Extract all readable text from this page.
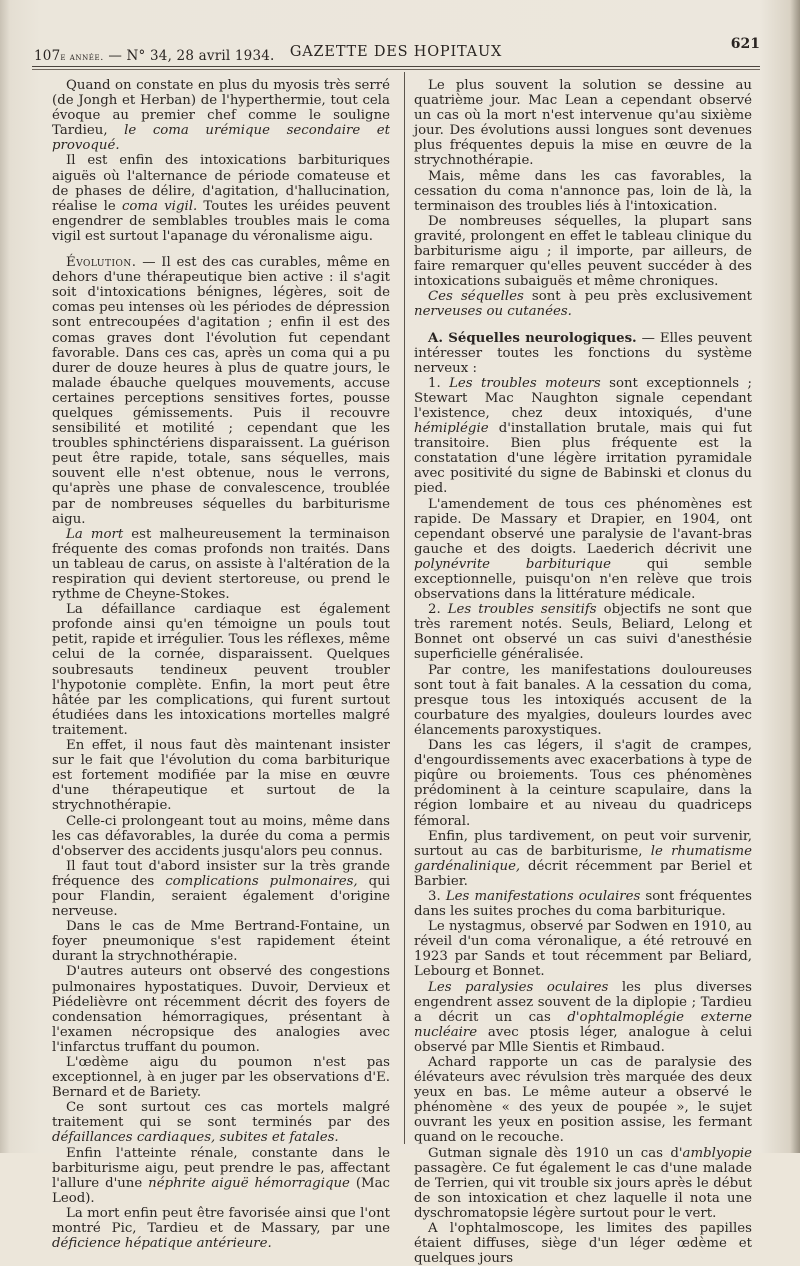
107e année. — N° 34, 28 avril 1934.	GAZETTE DES HOPITAUX	621

Quand on constate en plus du myosis très serré (de Jongh et Herban) de l'hyperthermie, tout cela évoque au premier chef comme le souligne Tardieu, le coma urémique secondaire et provoqué.

Il est enfin des intoxications barbituriques aiguës où l'alternance de période comateuse et de phases de délire, d'agitation, d'hallucination, réalise le coma vigil. Toutes les uréides peuvent engendrer de semblables troubles mais le coma vigil est surtout l'apanage du véronalisme aigu.

Évolution. — Il est des cas curables, même en dehors d'une thérapeutique bien active : il s'agit soit d'intoxications bénignes, légères, soit de comas peu intenses où les périodes de dépression sont entrecoupées d'agitation ; enfin il est des comas graves dont l'évolution fut cependant favorable. Dans ces cas, après un coma qui a pu durer de douze heures à plus de quatre jours, le malade ébauche quelques mouvements, accuse certaines perceptions sensitives fortes, pousse quelques gémissements. Puis il recouvre sensibilité et motilité ; cependant que les troubles sphinctériens disparaissent. La guérison peut être rapide, totale, sans séquelles, mais souvent elle n'est obtenue, nous le verrons, qu'après une phase de convalescence, troublée par de nombreuses séquelles du barbiturisme aigu.

La mort est malheureusement la terminaison fréquente des comas profonds non traités. Dans un tableau de carus, on assiste à l'altération de la respiration qui devient stertoreuse, ou prend le rythme de Cheyne-Stokes.

La défaillance cardiaque est également profonde ainsi qu'en témoigne un pouls tout petit, rapide et irrégulier. Tous les réflexes, même celui de la cornée, disparaissent. Quelques soubresauts tendineux peuvent troubler l'hypotonie complète. Enfin, la mort peut être hâtée par les complications, qui furent surtout étudiées dans les intoxications mortelles malgré traitement.

En effet, il nous faut dès maintenant insister sur le fait que l'évolution du coma barbiturique est fortement modifiée par la mise en œuvre d'une thérapeutique et surtout de la strychnothérapie.

Celle-ci prolongeant tout au moins, même dans les cas défavorables, la durée du coma a permis d'observer des accidents jusqu'alors peu connus.

Il faut tout d'abord insister sur la très grande fréquence des complications pulmonaires, qui pour Flandin, seraient également d'origine nerveuse.

Dans le cas de Mme Bertrand-Fontaine, un foyer pneumonique s'est rapidement éteint durant la strychnothérapie.

D'autres auteurs ont observé des congestions pulmonaires hypostatiques. Duvoir, Dervieux et Piédelièvre ont récemment décrit des foyers de condensation hémorragiques, présentant à l'examen nécropsique des analogies avec l'infarctus truffant du poumon.

L'œdème aigu du poumon n'est pas exceptionnel, à en juger par les observations d'E. Bernard et de Bariety.

Ce sont surtout ces cas mortels malgré traitement qui se sont terminés par des défaillances cardiaques, subites et fatales.

Enfin l'atteinte rénale, constante dans le barbiturisme aigu, peut prendre le pas, affectant l'allure d'une néphrite aiguë hémorragique (Mac Leod).

La mort enfin peut être favorisée ainsi que l'ont montré Pic, Tardieu et de Massary, par une déficience hépatique antérieure.

Le plus souvent la solution se dessine au quatrième jour. Mac Lean a cependant observé un cas où la mort n'est intervenue qu'au sixième jour. Des évolutions aussi longues sont devenues plus fréquentes depuis la mise en œuvre de la strychnothérapie.

Mais, même dans les cas favorables, la cessation du coma n'annonce pas, loin de là, la terminaison des troubles liés à l'intoxication.

De nombreuses séquelles, la plupart sans gravité, prolongent en effet le tableau clinique du barbiturisme aigu ; il importe, par ailleurs, de faire remarquer qu'elles peuvent succéder à des intoxications subaiguës et même chroniques.

Ces séquelles sont à peu près exclusivement nerveuses ou cutanées.

A. Séquelles neurologiques. — Elles peuvent intéresser toutes les fonctions du système nerveux :

1. Les troubles moteurs sont exceptionnels ; Stewart Mac Naughton signale cependant l'existence, chez deux intoxiqués, d'une hémiplégie d'installation brutale, mais qui fut transitoire. Bien plus fréquente est la constatation d'une légère irritation pyramidale avec positivité du signe de Babinski et clonus du pied.

L'amendement de tous ces phénomènes est rapide. De Massary et Drapier, en 1904, ont cependant observé une paralysie de l'avant-bras gauche et des doigts. Laederich décrivit une polynévrite barbiturique qui semble exceptionnelle, puisqu'on n'en relève que trois observations dans la littérature médicale.

2. Les troubles sensitifs objectifs ne sont que très rarement notés. Seuls, Beliard, Lelong et Bonnet ont observé un cas suivi d'anesthésie superficielle généralisée.

Par contre, les manifestations douloureuses sont tout à fait banales. A la cessation du coma, presque tous les intoxiqués accusent de la courbature des myalgies, douleurs lourdes avec élancements paroxystiques.

Dans les cas légers, il s'agit de crampes, d'engourdissements avec exacerbations à type de piqûre ou broiements. Tous ces phénomènes prédominent à la ceinture scapulaire, dans la région lombaire et au niveau du quadriceps fémoral.

Enfin, plus tardivement, on peut voir survenir, surtout au cas de barbiturisme, le rhumatisme gardénalinique, décrit récemment par Beriel et Barbier.

3. Les manifestations oculaires sont fréquentes dans les suites proches du coma barbiturique.

Le nystagmus, observé par Sodwen en 1910, au réveil d'un coma véronalique, a été retrouvé en 1923 par Sands et tout récemment par Beliard, Lebourg et Bonnet.

Les paralysies oculaires les plus diverses engendrent assez souvent de la diplopie ; Tardieu a décrit un cas d'ophtalmoplégie externe nucléaire avec ptosis léger, analogue à celui observé par Mlle Sientis et Rimbaud.

Achard rapporte un cas de paralysie des élévateurs avec révulsion très marquée des deux yeux en bas. Le même auteur a observé le phénomène « des yeux de poupée », le sujet ouvrant les yeux en position assise, les fermant quand on le recouche.

Gutman signale dès 1910 un cas d'amblyopie passagère. Ce fut également le cas d'une malade de Terrien, qui vit trouble six jours après le début de son intoxication et chez laquelle il nota une dyschromatopsie légère surtout pour le vert.

A l'ophtalmoscope, les limites des papilles étaient diffuses, siège d'un léger œdème et quelques jours
